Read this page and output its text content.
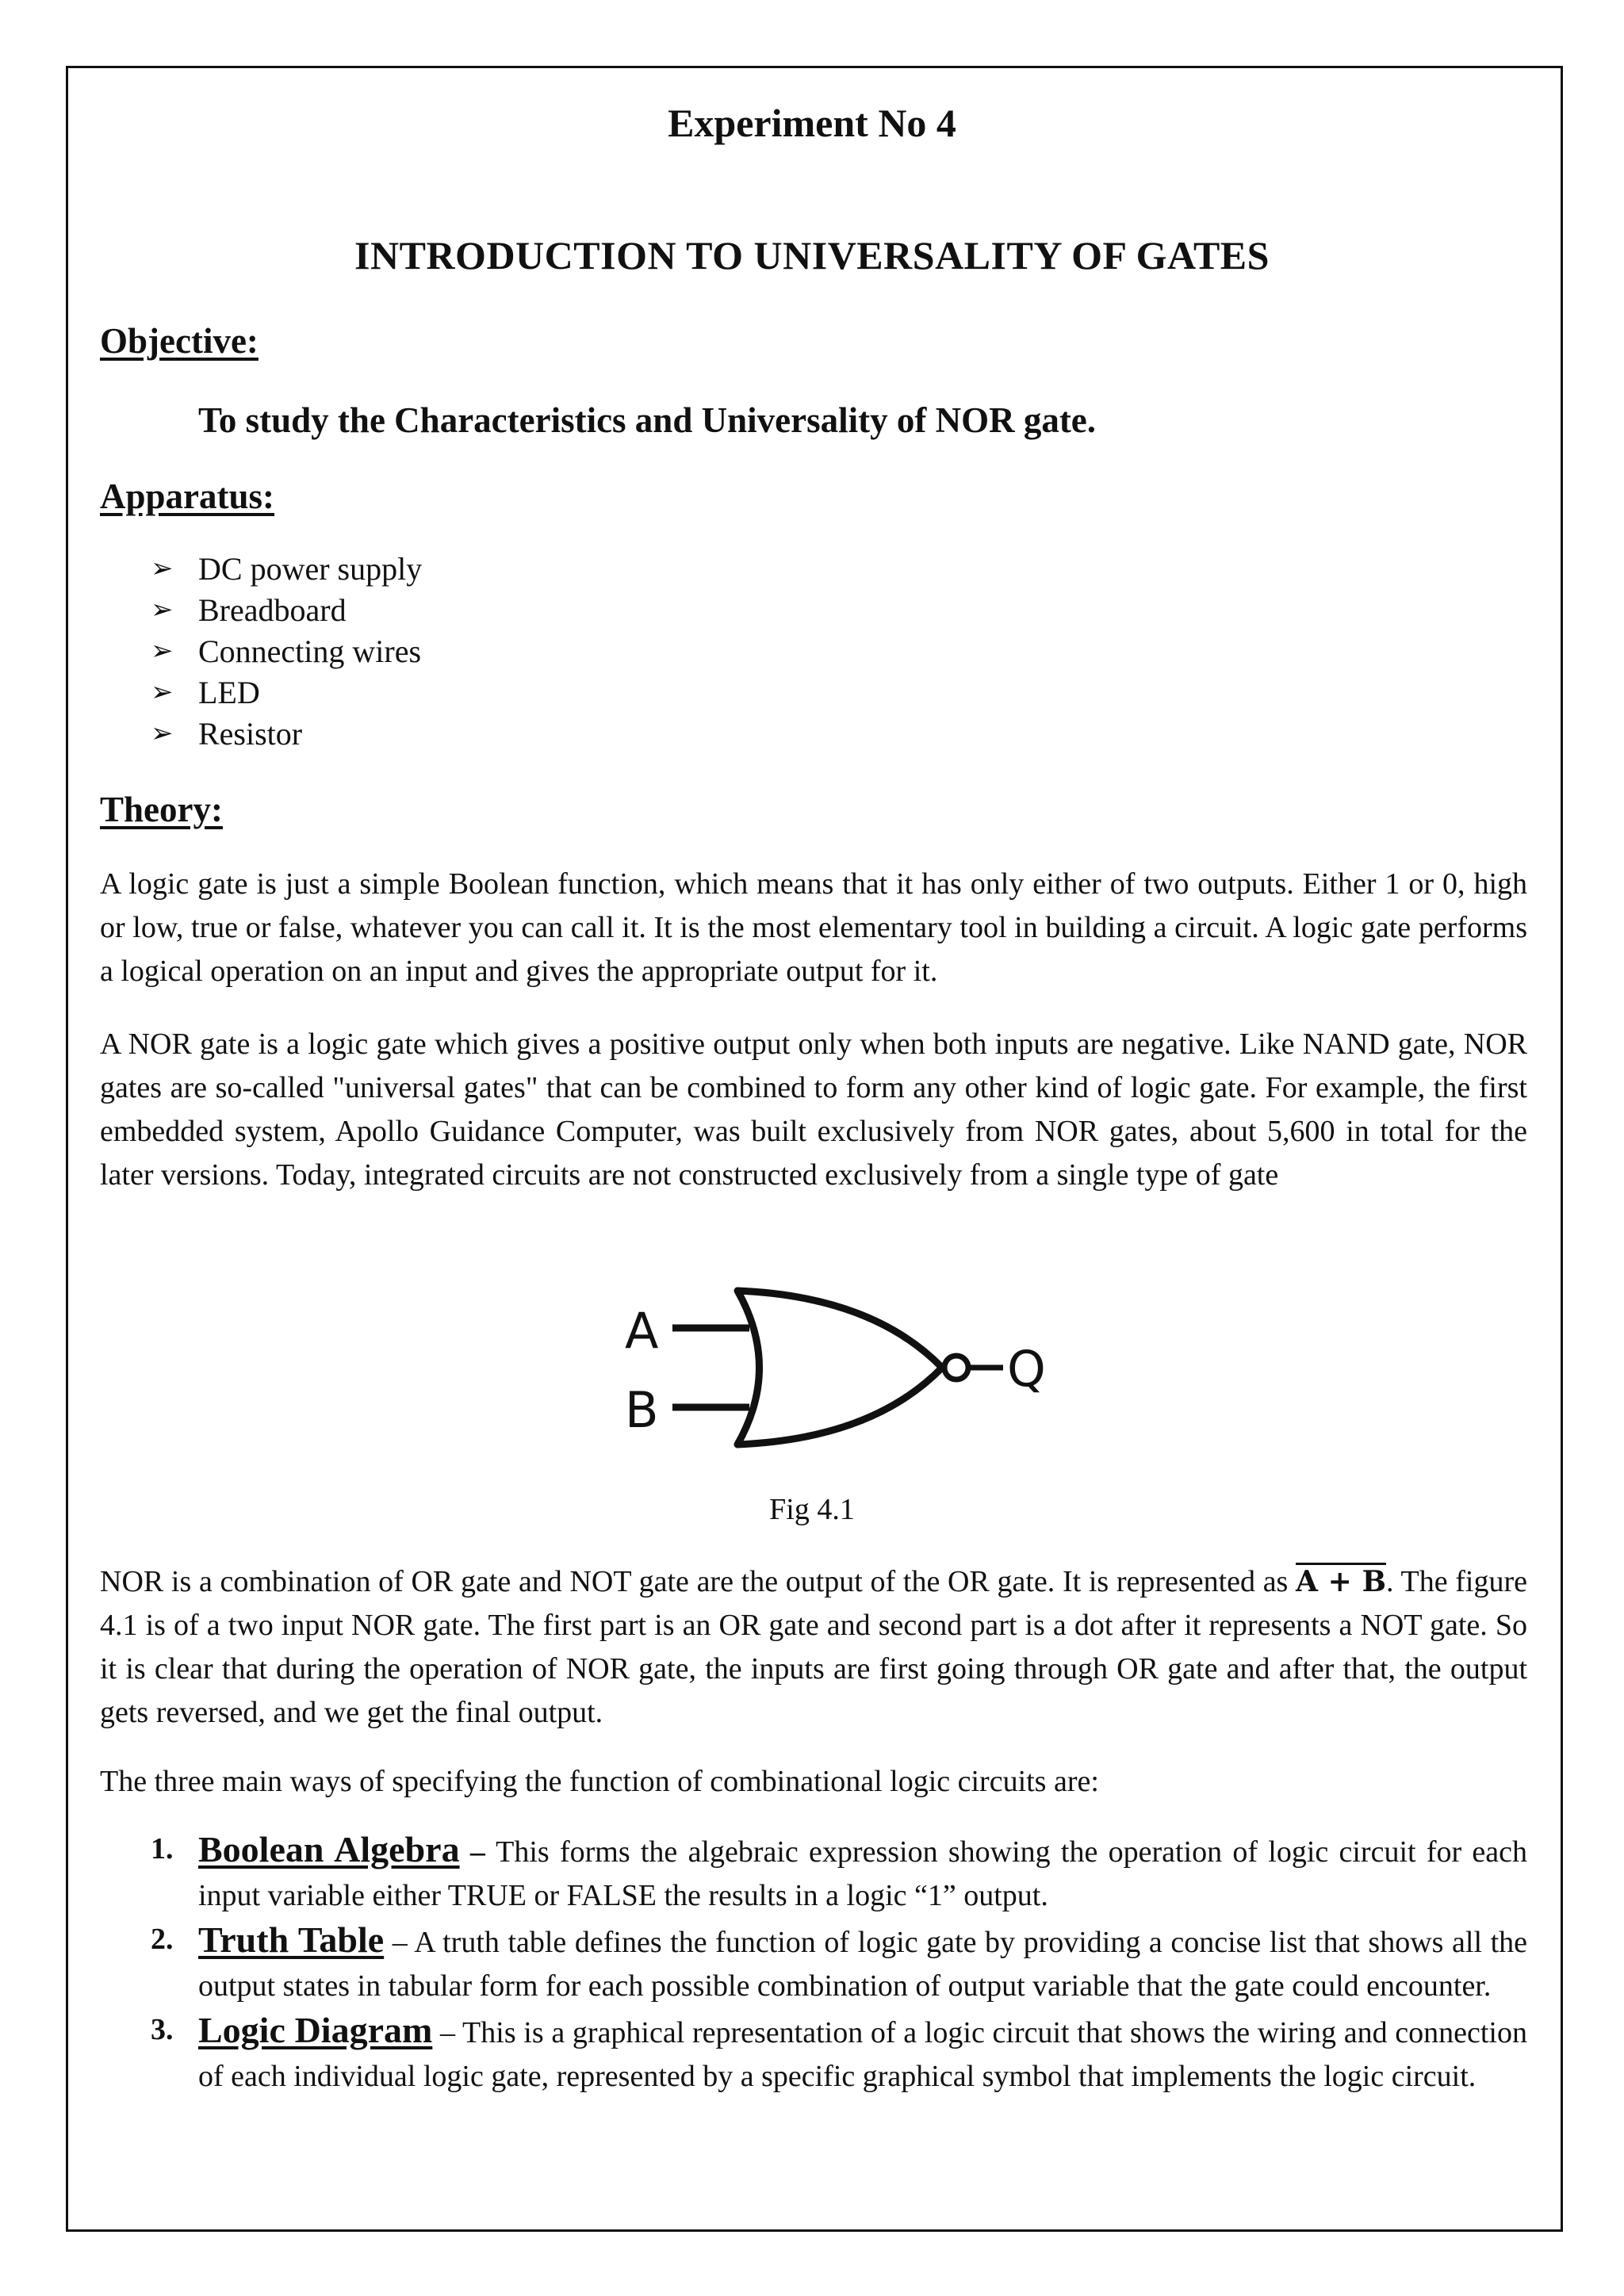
Experiment No 4
INTRODUCTION TO UNIVERSALITY OF GATES
Objective:
To study the Characteristics and Universality of NOR gate.
Apparatus:
➢ DC power supply
➢ Breadboard
➢ Connecting wires
➢ LED
➢ Resistor
Theory:

A logic gate is just a simple Boolean function, which means that it has only either of two outputs. Either 1 or 0, high or low, true or false, whatever you can call it. It is the most elementary tool in building a circuit. A logic gate performs a logical operation on an input and gives the appropriate output for it.

A NOR gate is a logic gate which gives a positive output only when both inputs are negative. Like NAND gate, NOR gates are so-called "universal gates" that can be combined to form any other kind of logic gate. For example, the first embedded system, Apollo Guidance Computer, was built exclusively from NOR gates, about 5,600 in total for the later versions. Today, integrated circuits are not constructed exclusively from a single type of gate

A
B
Q
Fig 4.1

NOR is a combination of OR gate and NOT gate are the output of the OR gate. It is represented as A + B. The figure 4.1 is of a two input NOR gate. The first part is an OR gate and second part is a dot after it represents a NOT gate. So it is clear that during the operation of NOR gate, the inputs are first going through OR gate and after that, the output gets reversed, and we get the final output.

The three main ways of specifying the function of combinational logic circuits are:

1. Boolean Algebra – This forms the algebraic expression showing the operation of logic circuit for each input variable either TRUE or FALSE the results in a logic “1” output.
2. Truth Table – A truth table defines the function of logic gate by providing a concise list that shows all the output states in tabular form for each possible combination of output variable that the gate could encounter.
3. Logic Diagram – This is a graphical representation of a logic circuit that shows the wiring and connection of each individual logic gate, represented by a specific graphical symbol that implements the logic circuit.
